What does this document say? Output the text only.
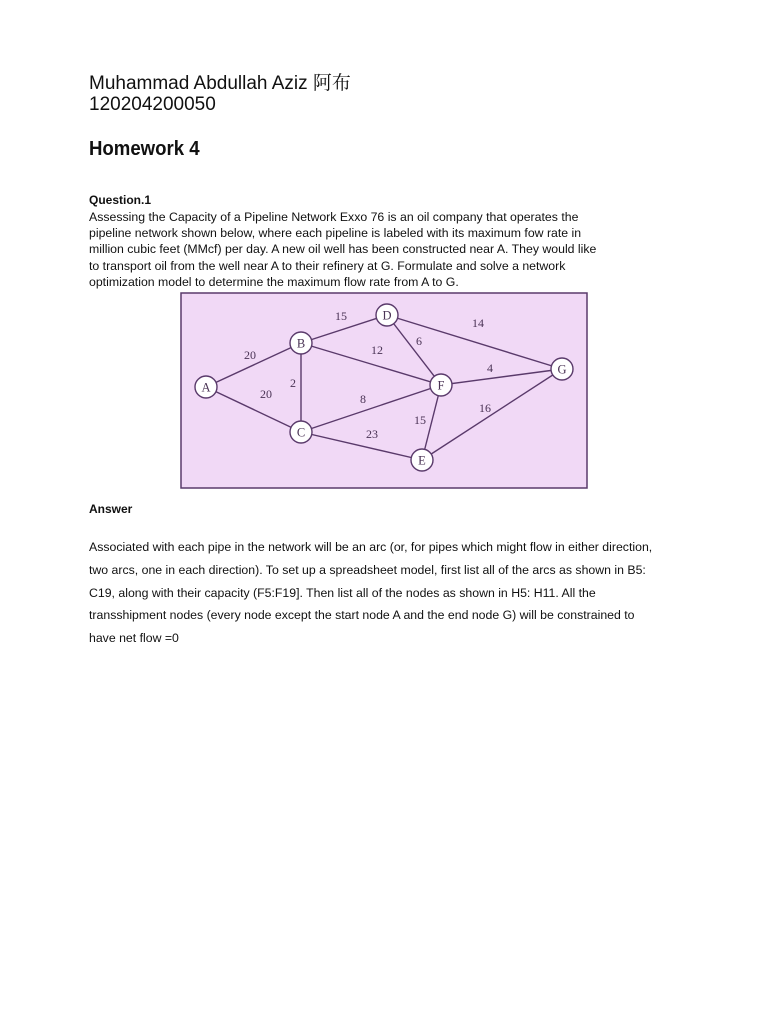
Muhammad Abdullah Aziz 阿布
120204200050
Homework 4
Question.1
Assessing the Capacity of a Pipeline Network Exxo 76 is an oil company that operates the
pipeline network shown below, where each pipeline is labeled with its maximum fow rate in
million cubic feet (MMcf) per day. A new oil well has been constructed near A. They would like
to transport oil from the well near A to their refinery at G. Formulate and solve a network
optimization model to determine the maximum flow rate from A to G.
20
20
2
15
12
6
14
4
8
23
15
16
A
B
C
D
E
F
G
Answer
Associated with each pipe in the network will be an arc (or, for pipes which might flow in either direction,
two arcs, one in each direction). To set up a spreadsheet model, first list all of the arcs as shown in B5:
C19, along with their capacity (F5:F19]. Then list all of the nodes as shown in H5: H11. All the
transshipment nodes (every node except the start node A and the end node G) will be constrained to
have net flow =0
